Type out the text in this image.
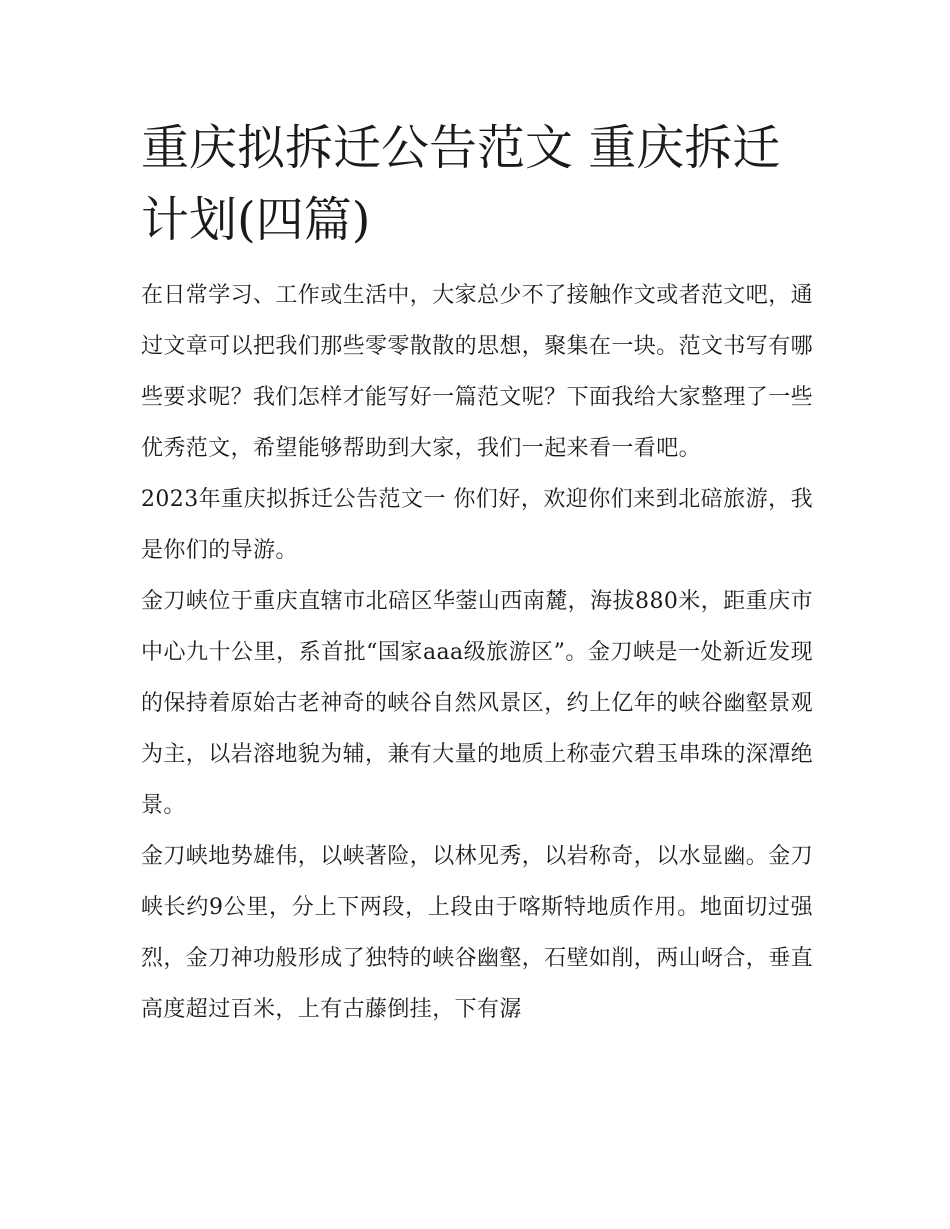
重庆拟拆迁公告范文 重庆拆迁计划(四篇)

在日常学习、工作或生活中，大家总少不了接触作文或者范文吧，通过文章可以把我们那些零零散散的思想，聚集在一块。范文书写有哪些要求呢？我们怎样才能写好一篇范文呢？下面我给大家整理了一些优秀范文，希望能够帮助到大家，我们一起来看一看吧。

2023年重庆拟拆迁公告范文一 你们好，欢迎你们来到北碚旅游，我是你们的导游。

金刀峡位于重庆直辖市北碚区华蓥山西南麓，海拔880米，距重庆市中心九十公里，系首批“国家aaa级旅游区”。金刀峡是一处新近发现的保持着原始古老神奇的峡谷自然风景区，约上亿年的峡谷幽壑景观为主，以岩溶地貌为辅，兼有大量的地质上称壶穴碧玉串珠的深潭绝景。

金刀峡地势雄伟，以峡著险，以林见秀，以岩称奇，以水显幽。金刀峡长约9公里，分上下两段，上段由于喀斯特地质作用。地面切过强烈，金刀神功般形成了独特的峡谷幽壑，石壁如削，两山岈合，垂直高度超过百米，上有古藤倒挂，下有潺
